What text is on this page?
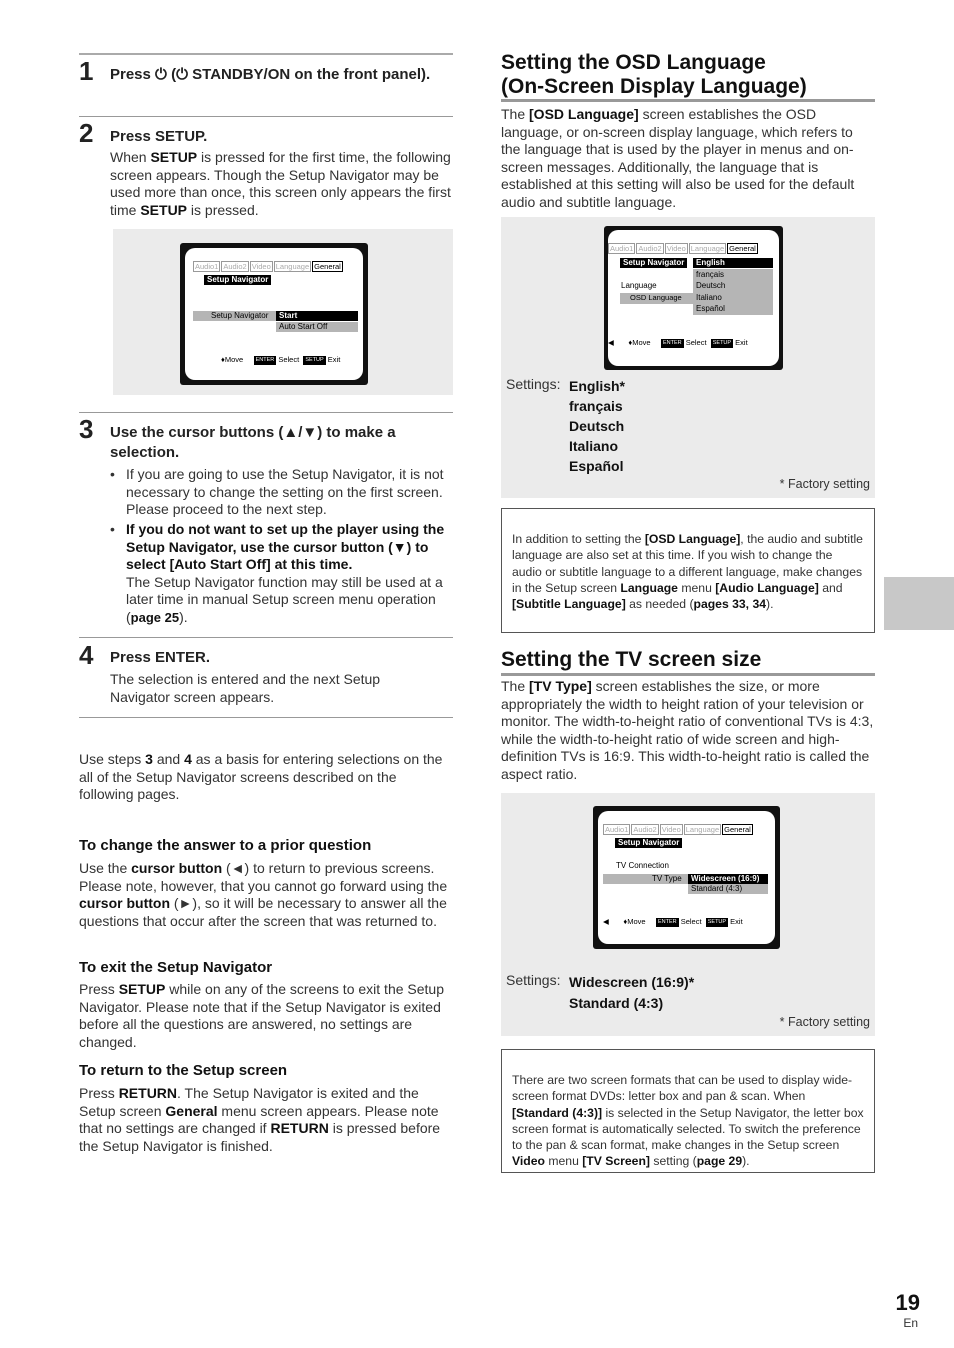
1 Press ⏻ (⏻ STANDBY/ON on the front panel).
2 Press SETUP.
When SETUP is pressed for the first time, the following screen appears. Though the Setup Navigator may be used more than once, this screen only appears the first time SETUP is pressed.
Audio1 Audio2 Video Language General
Setup Navigator
Setup Navigator	Start
Auto Start Off
♦Move ENTER Select SETUP Exit
3 Use the cursor buttons (▲/▼) to make a selection.
• If you are going to use the Setup Navigator, it is not necessary to change the setting on the first screen. Please proceed to the next step.
• If you do not want to set up the player using the Setup Navigator, use the cursor button (▼) to select [Auto Start Off] at this time.
The Setup Navigator function may still be used at a later time in manual Setup screen menu operation (page 25).
4 Press ENTER.
The selection is entered and the next Setup Navigator screen appears.
Use steps 3 and 4 as a basis for entering selections on the all of the Setup Navigator screens described on the following pages.
To change the answer to a prior question
Use the cursor button (◄) to return to previous screens. Please note, however, that you cannot go forward using the cursor button (►), so it will be necessary to answer all the questions that occur after the screen that was returned to.
To exit the Setup Navigator
Press SETUP while on any of the screens to exit the Setup Navigator. Please note that if the Setup Navigator is exited before all the questions are answered, no settings are changed.
To return to the Setup screen
Press RETURN. The Setup Navigator is exited and the Setup screen General menu screen appears. Please note that no settings are changed if RETURN is pressed before the Setup Navigator is finished.
Setting the OSD Language
(On-Screen Display Language)
The [OSD Language] screen establishes the OSD language, or on-screen display language, which refers to the language that is used by the player in menus and on-screen messages. Additionally, the language that is established at this setting will also be used for the default audio and subtitle language.
Audio1 Audio2 Video Language General
Setup Navigator	English
français
Deutsch
Language
OSD Language Italiano
Español
◀ ♦Move ENTER Select SETUP Exit
Settings: English*
français
Deutsch
Italiano
Español
* Factory setting
In addition to setting the [OSD Language], the audio and subtitle language are also set at this time. If you wish to change the audio or subtitle language to a different language, make changes in the Setup screen Language menu [Audio Language] and [Subtitle Language] as needed (pages 33, 34).
Setting the TV screen size
The [TV Type] screen establishes the size, or more appropriately the width to height ration of your television or monitor. The width-to-height ratio of conventional TVs is 4:3, while the width-to-height ratio of wide screen and high-definition TVs is 16:9. This width-to-height ratio is called the aspect ratio.
Audio1 Audio2 Video Language General
Setup Navigator
TV Connection
TV Type	Widescreen (16:9)
Standard (4:3)
◀ ♦Move ENTER Select SETUP Exit
Settings: Widescreen (16:9)*
Standard (4:3)
* Factory setting
There are two screen formats that can be used to display wide-screen format DVDs: letter box and pan & scan. When [Standard (4:3)] is selected in the Setup Navigator, the letter box screen format is automatically selected. To switch the preference to the pan & scan format, make changes in the Setup screen Video menu [TV Screen] setting (page 29).
19
En
